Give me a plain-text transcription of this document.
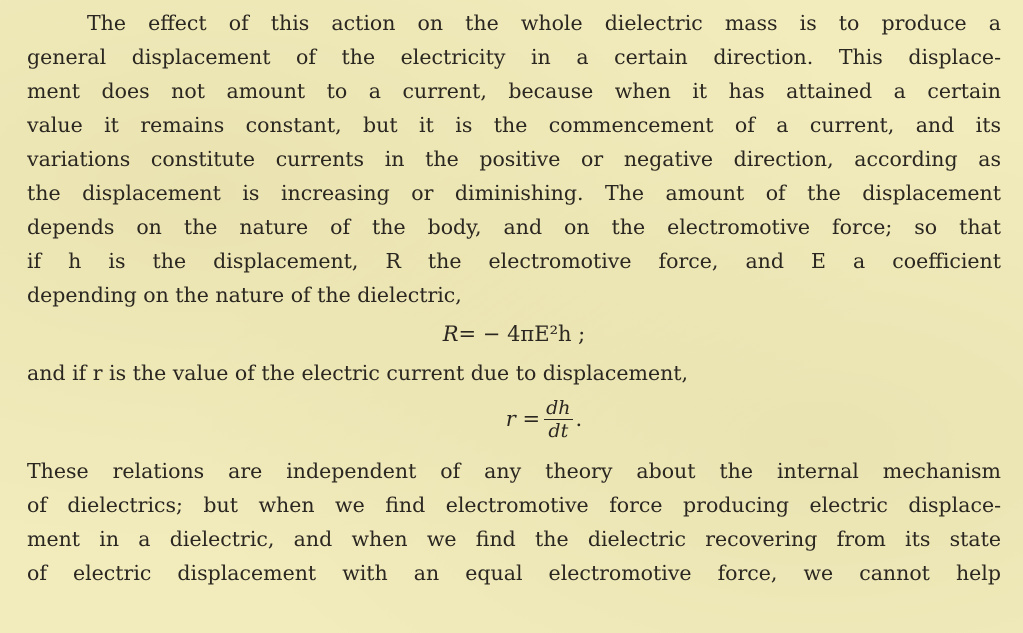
The effect of this action on the whole dielectric mass is to produce a
general displacement of the electricity in a certain direction. This displace-
ment does not amount to a current, because when it has attained a certain
value it remains constant, but it is the commencement of a current, and its
variations constitute currents in the positive or negative direction, according as
the displacement is increasing or diminishing. The amount of the displacement
depends on the nature of the body, and on the electromotive force; so that
if h is the displacement, R the electromotive force, and E a coefficient
depending on the nature of the dielectric,
R= − 4πE²h ;
and if r is the value of the electric current due to displacement,
$r = \frac{dh}{dt}$ .
These relations are independent of any theory about the internal mechanism
of dielectrics; but when we find electromotive force producing electric displace-
ment in a dielectric, and when we find the dielectric recovering from its state
of electric displacement with an equal electromotive force, we cannot help
